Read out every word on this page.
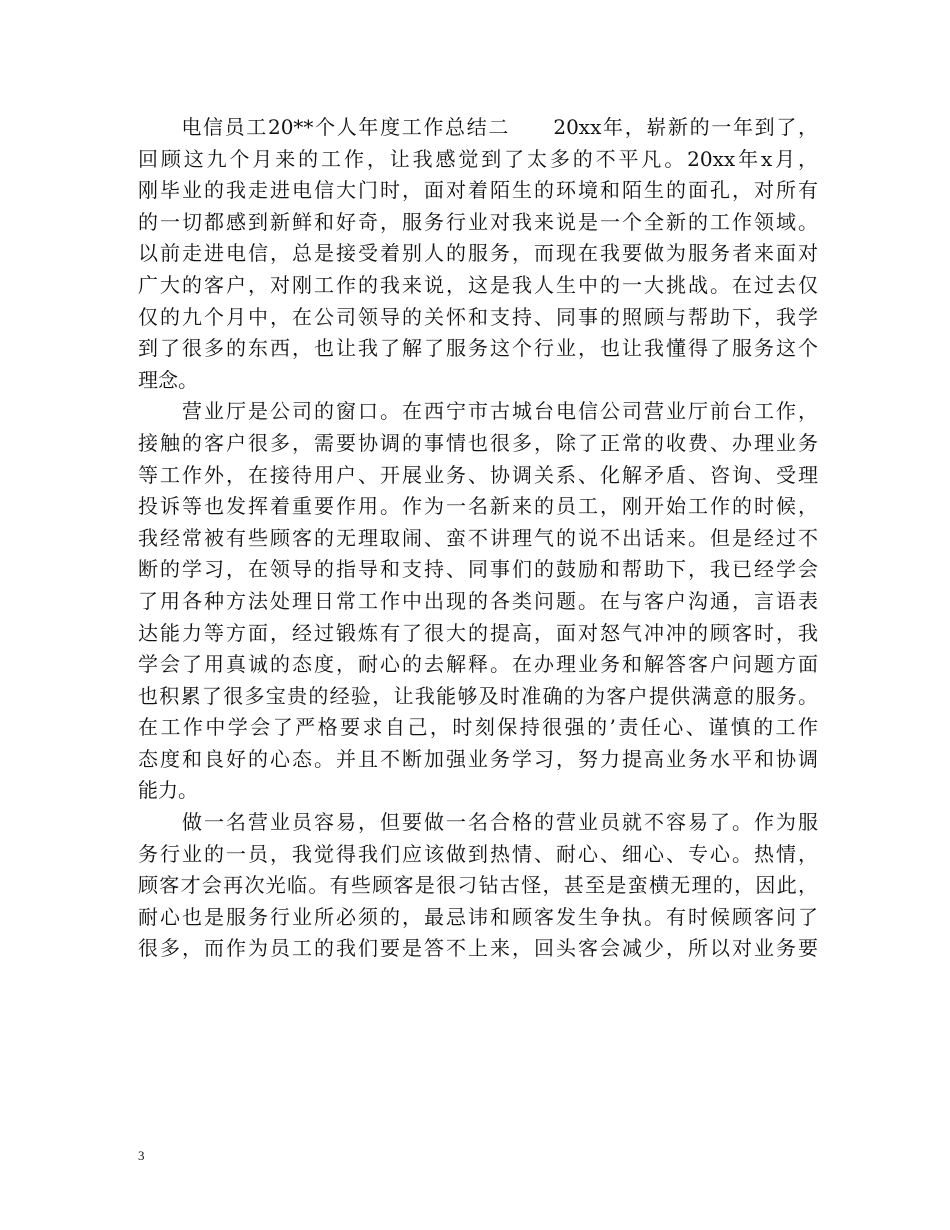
　　电信员工20**个人年度工作总结二　　20xx年，崭新的一年到了，
回顾这九个月来的工作，让我感觉到了太多的不平凡。20xx年x月，
刚毕业的我走进电信大门时，面对着陌生的环境和陌生的面孔，对所有
的一切都感到新鲜和好奇，服务行业对我来说是一个全新的工作领域。
以前走进电信，总是接受着别人的服务，而现在我要做为服务者来面对
广大的客户，对刚工作的我来说，这是我人生中的一大挑战。在过去仅
仅的九个月中，在公司领导的关怀和支持、同事的照顾与帮助下，我学
到了很多的东西，也让我了解了服务这个行业，也让我懂得了服务这个
理念。
　　营业厅是公司的窗口。在西宁市古城台电信公司营业厅前台工作，
接触的客户很多，需要协调的事情也很多，除了正常的收费、办理业务
等工作外，在接待用户、开展业务、协调关系、化解矛盾、咨询、受理
投诉等也发挥着重要作用。作为一名新来的员工，刚开始工作的时候，
我经常被有些顾客的无理取闹、蛮不讲理气的说不出话来。但是经过不
断的学习，在领导的指导和支持、同事们的鼓励和帮助下，我已经学会
了用各种方法处理日常工作中出现的各类问题。在与客户沟通，言语表
达能力等方面，经过锻炼有了很大的提高，面对怒气冲冲的顾客时，我
学会了用真诚的态度，耐心的去解释。在办理业务和解答客户问题方面
也积累了很多宝贵的经验，让我能够及时准确的为客户提供满意的服务。
在工作中学会了严格要求自己，时刻保持很强的’责任心、谨慎的工作
态度和良好的心态。并且不断加强业务学习，努力提高业务水平和协调
能力。
　　做一名营业员容易，但要做一名合格的营业员就不容易了。作为服
务行业的一员，我觉得我们应该做到热情、耐心、细心、专心。热情，
顾客才会再次光临。有些顾客是很刁钻古怪，甚至是蛮横无理的，因此，
耐心也是服务行业所必须的，最忌讳和顾客发生争执。有时候顾客问了
很多，而作为员工的我们要是答不上来，回头客会减少，所以对业务要
3
